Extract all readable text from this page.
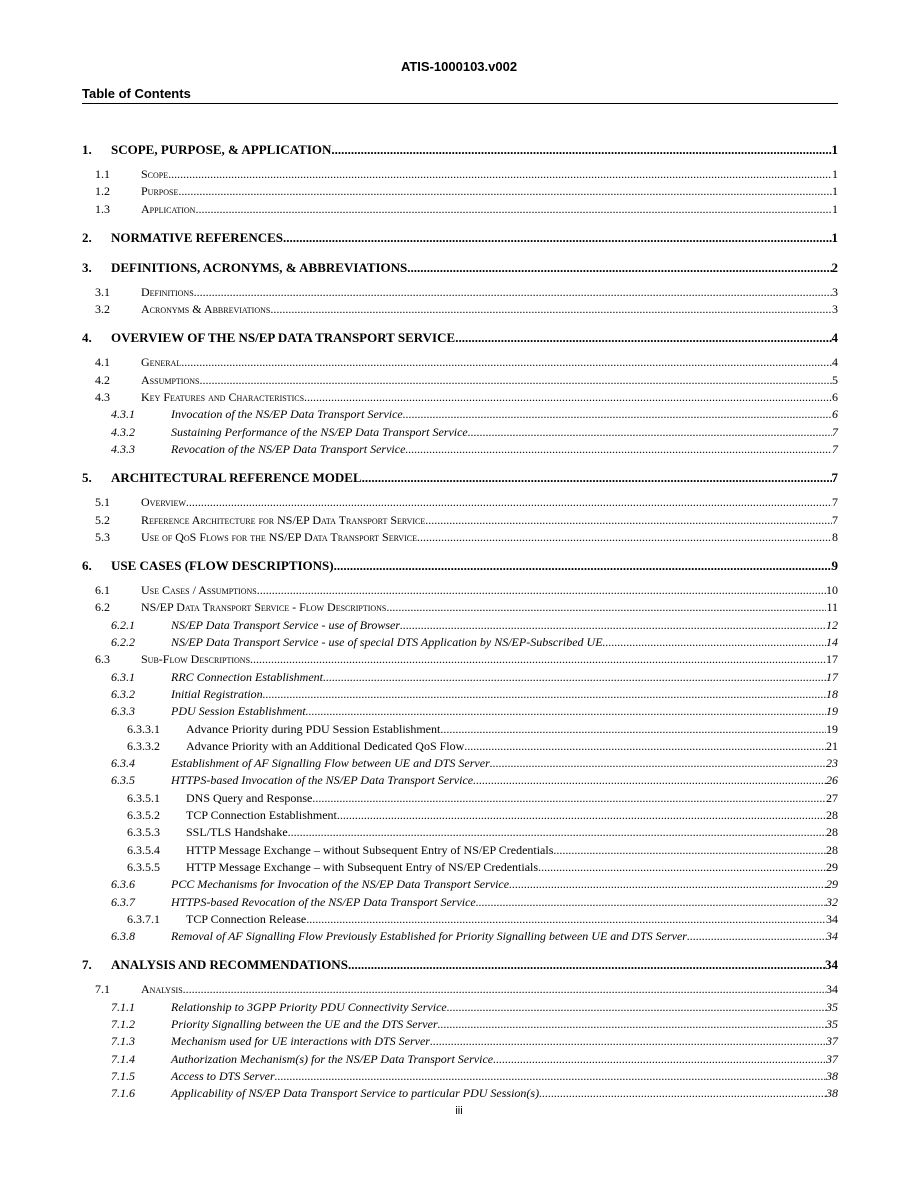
ATIS-1000103.v002
Table of Contents
1.	SCOPE, PURPOSE, & APPLICATION .....	1
1.1	Scope .....	1
1.2	Purpose .....	1
1.3	Application .....	1
2.	NORMATIVE REFERENCES .....	1
3.	DEFINITIONS, ACRONYMS, & ABBREVIATIONS .....	2
3.1	Definitions .....	3
3.2	Acronyms & Abbreviations .....	3
4.	OVERVIEW OF THE NS/EP DATA TRANSPORT SERVICE .....	4
4.1	General .....	4
4.2	Assumptions .....	5
4.3	Key Features and Characteristics .....	6
4.3.1	Invocation of the NS/EP Data Transport Service .....	6
4.3.2	Sustaining Performance of the NS/EP Data Transport Service .....	7
4.3.3	Revocation of the NS/EP Data Transport Service .....	7
5.	ARCHITECTURAL REFERENCE MODEL .....	7
5.1	Overview .....	7
5.2	Reference Architecture for NS/EP Data Transport Service .....	7
5.3	Use of QoS Flows for the NS/EP Data Transport Service .....	8
6.	USE CASES (FLOW DESCRIPTIONS) .....	9
6.1	Use Cases / Assumptions .....	10
6.2	NS/EP Data Transport Service - Flow Descriptions .....	11
6.2.1	NS/EP Data Transport Service - use of Browser .....	12
6.2.2	NS/EP Data Transport Service - use of special DTS Application by NS/EP-Subscribed UE .....	14
6.3	Sub-Flow Descriptions .....	17
6.3.1	RRC Connection Establishment .....	17
6.3.2	Initial Registration .....	18
6.3.3	PDU Session Establishment .....	19
6.3.3.1	Advance Priority during PDU Session Establishment .....	19
6.3.3.2	Advance Priority with an Additional Dedicated QoS Flow .....	21
6.3.4	Establishment of AF Signalling Flow between UE and DTS Server .....	23
6.3.5	HTTPS-based Invocation of the NS/EP Data Transport Service .....	26
6.3.5.1	DNS Query and Response .....	27
6.3.5.2	TCP Connection Establishment .....	28
6.3.5.3	SSL/TLS Handshake .....	28
6.3.5.4	HTTP Message Exchange – without Subsequent Entry of NS/EP Credentials .....	28
6.3.5.5	HTTP Message Exchange – with Subsequent Entry of NS/EP Credentials .....	29
6.3.6	PCC Mechanisms for Invocation of the NS/EP Data Transport Service .....	29
6.3.7	HTTPS-based Revocation of the NS/EP Data Transport Service .....	32
6.3.7.1	TCP Connection Release .....	34
6.3.8	Removal of AF Signalling Flow Previously Established for Priority Signalling between UE and DTS Server .....	34
7.	ANALYSIS AND RECOMMENDATIONS .....	34
7.1	Analysis .....	34
7.1.1	Relationship to 3GPP Priority PDU Connectivity Service .....	35
7.1.2	Priority Signalling between the UE and the DTS Server .....	35
7.1.3	Mechanism used for UE interactions with DTS Server .....	37
7.1.4	Authorization Mechanism(s) for the NS/EP Data Transport Service .....	37
7.1.5	Access to DTS Server .....	38
7.1.6	Applicability of NS/EP Data Transport Service to particular PDU Session(s) .....	38
iii
